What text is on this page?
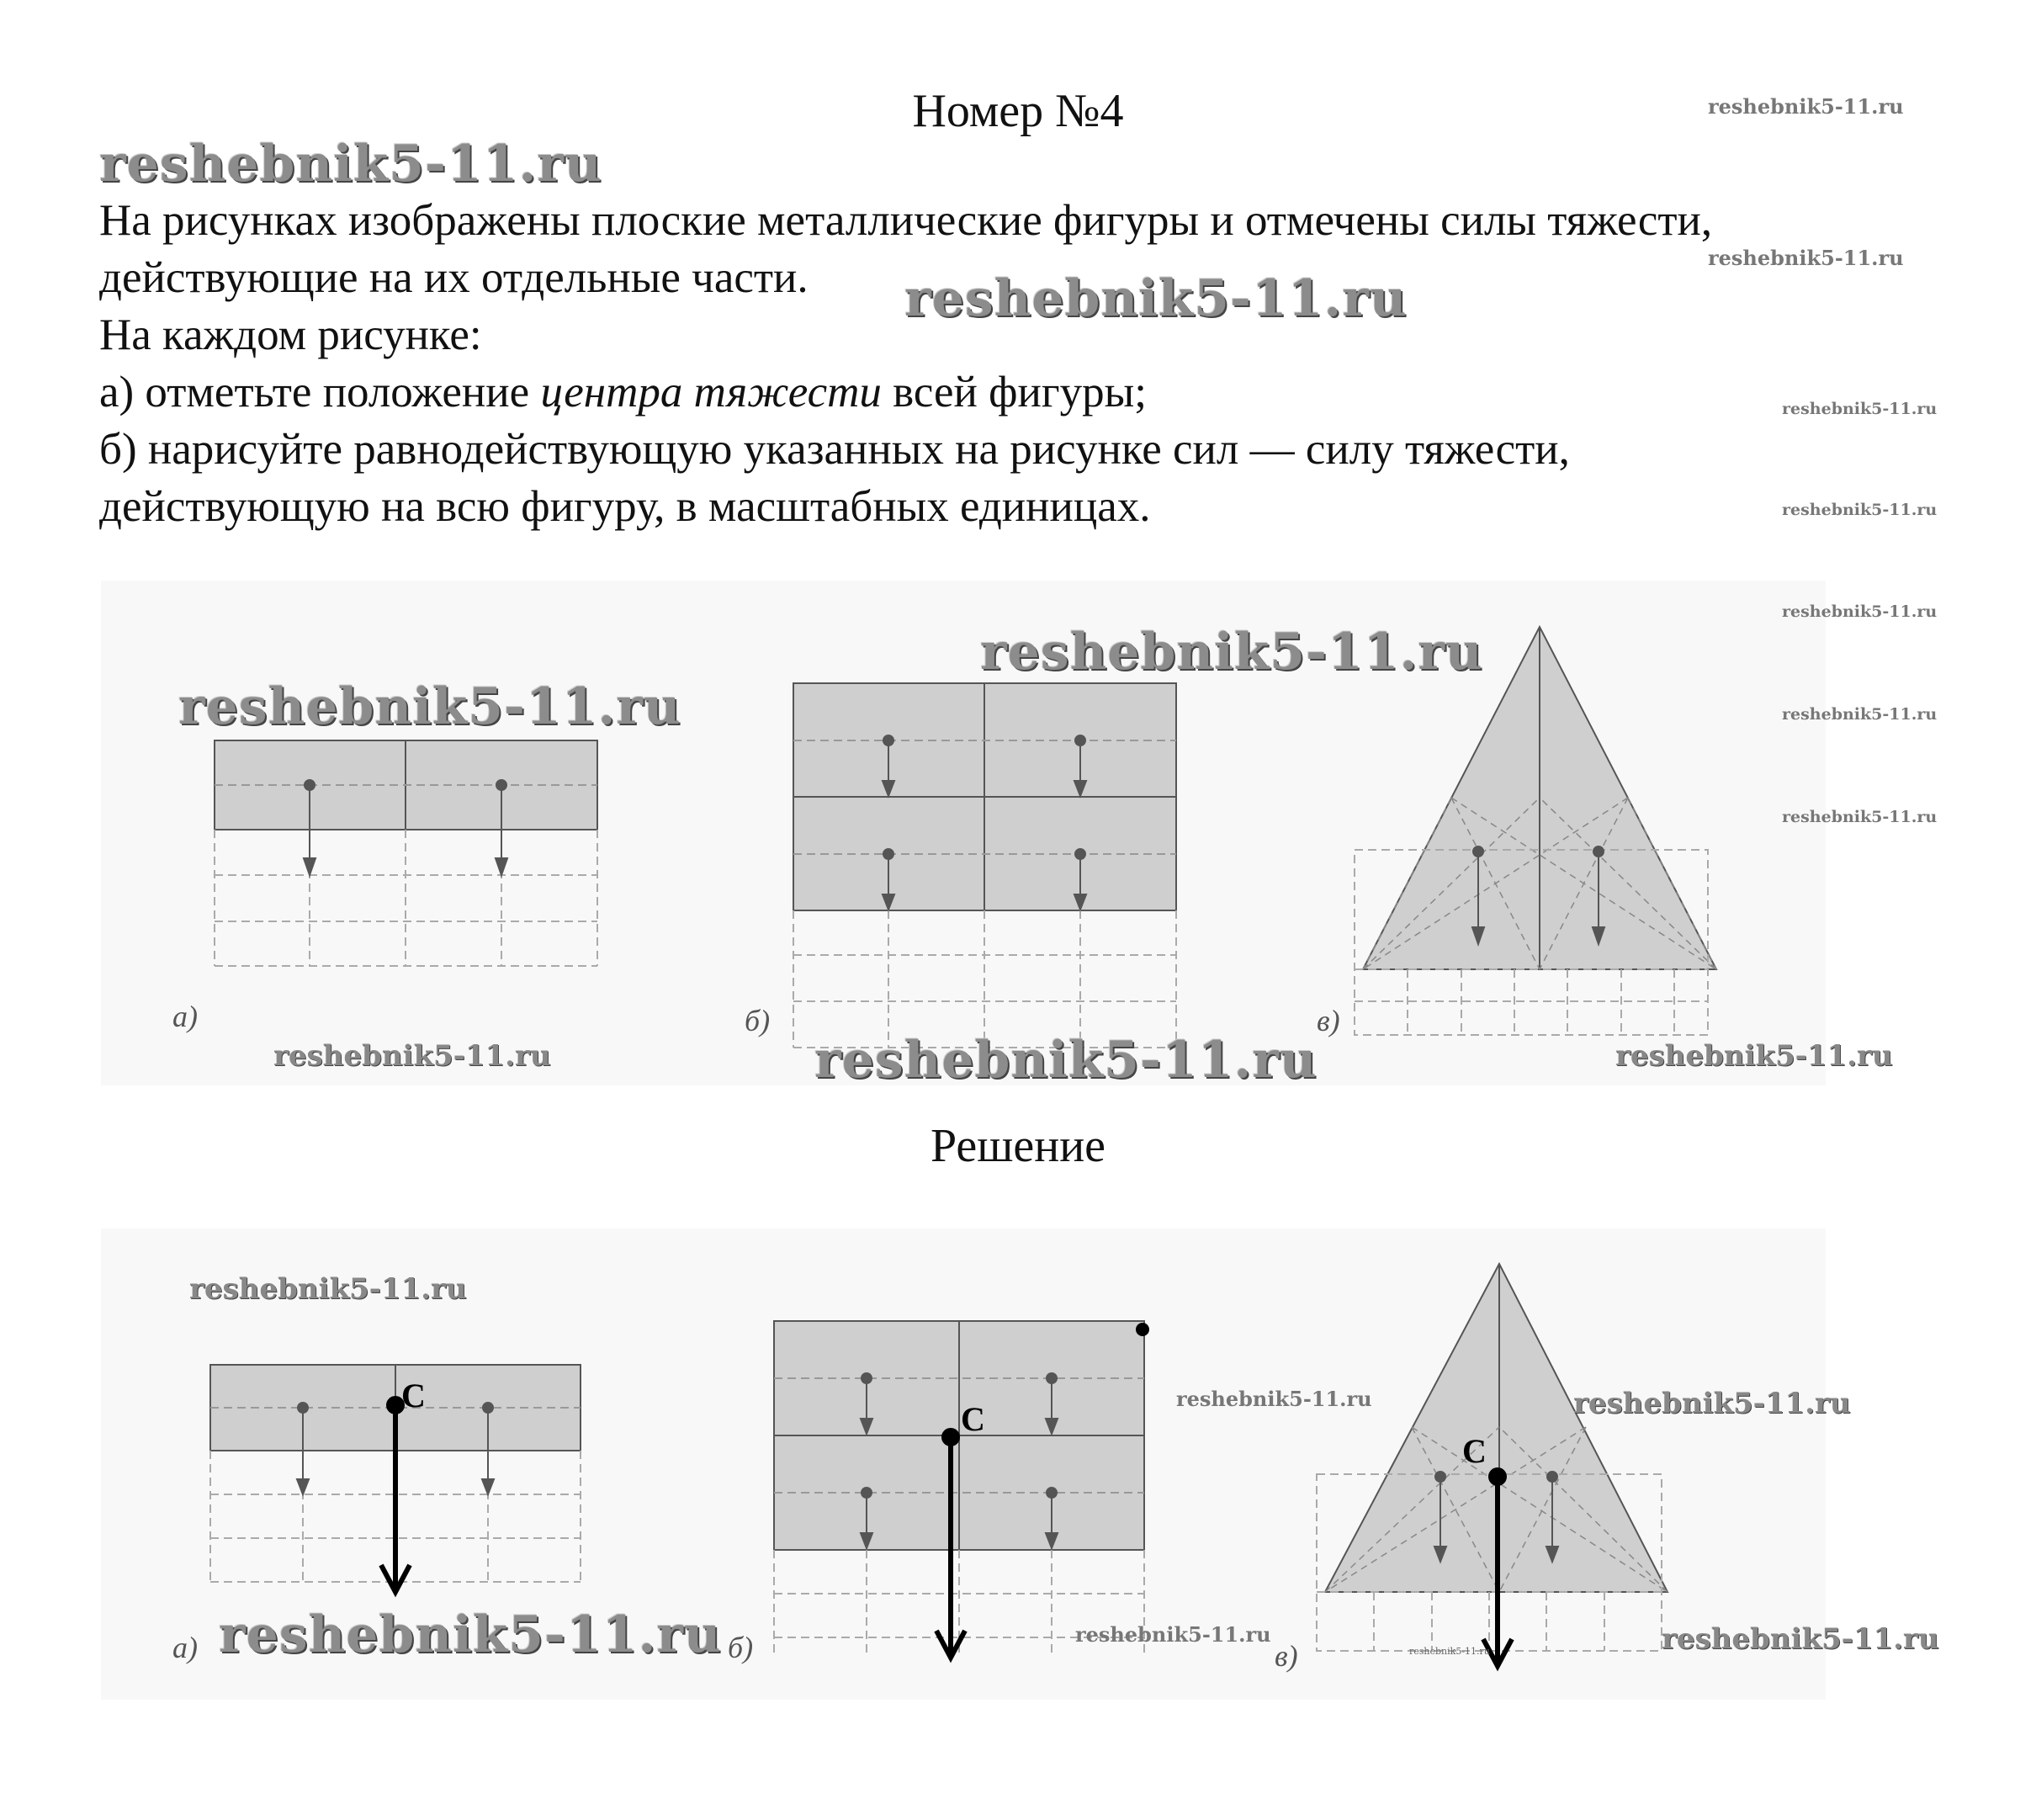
Номер №4

На рисунках изображены плоские металлические фигуры и отмечены силы тяжести,

действующие на их отдельные части.

На каждом рисунке:

а) отметьте положение центра тяжести всей фигуры;

б) нарисуйте равнодействующую указанных на рисунке сил — силу тяжести,

действующую на всю фигуру, в масштабных единицах.

а)	б)	в)
Решение
C
а)
C
б)
C
в)
reshebnik5-11.ru
reshebnik5-11.ru
reshebnik5-11.ru
reshebnik5-11.ru
reshebnik5-11.ru
reshebnik5-11.ru
reshebnik5-11.ru
reshebnik5-11.ru
reshebnik5-11.ru
reshebnik5-11.ru
reshebnik5-11.ru
reshebnik5-11.ru	reshebnik5-11.ru	reshebnik5-11.ru
reshebnik5-11.ru
reshebnik5-11.ru	reshebnik5-11.ru
reshebnik5-11.ru	reshebnik5-11.ru
reshebnik5-11.ru	reshebnik5-11.ru
